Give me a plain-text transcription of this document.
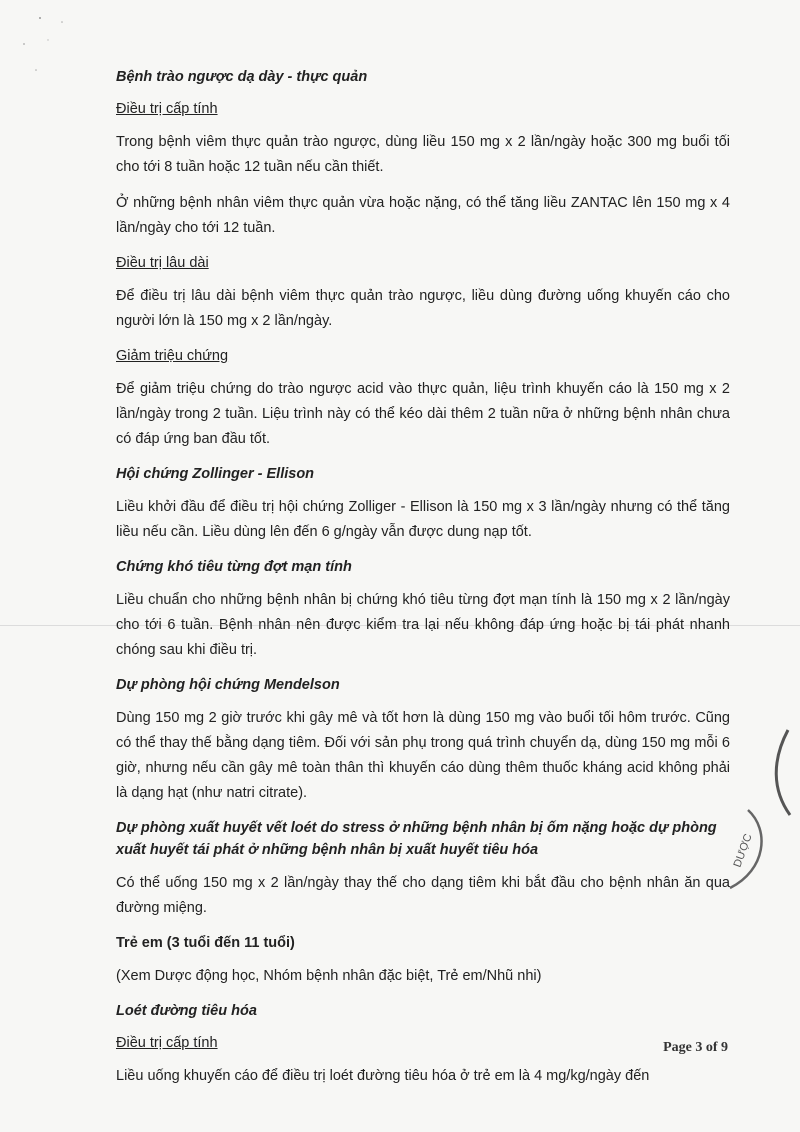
Bệnh trào ngược dạ dày - thực quản
Điều trị cấp tính
Trong bệnh viêm thực quản trào ngược, dùng liều 150 mg x 2 lần/ngày hoặc 300 mg buổi tối cho tới 8 tuần hoặc 12 tuần nếu cần thiết.
Ở những bệnh nhân viêm thực quản vừa hoặc nặng, có thể tăng liều ZANTAC lên 150 mg x 4 lần/ngày cho tới 12 tuần.
Điều trị lâu dài
Để điều trị lâu dài bệnh viêm thực quản trào ngược, liều dùng đường uống khuyến cáo cho người lớn là 150 mg x 2 lần/ngày.
Giảm triệu chứng
Để giảm triệu chứng do trào ngược acid vào thực quản, liệu trình khuyến cáo là 150 mg x 2 lần/ngày trong 2 tuần. Liệu trình này có thể kéo dài thêm 2 tuần nữa ở những bệnh nhân chưa có đáp ứng ban đầu tốt.
Hội chứng Zollinger - Ellison
Liều khởi đầu để điều trị hội chứng Zolliger - Ellison là 150 mg x 3 lần/ngày nhưng có thể tăng liều nếu cần. Liều dùng lên đến 6 g/ngày vẫn được dung nạp tốt.
Chứng khó tiêu từng đợt mạn tính
Liều chuẩn cho những bệnh nhân bị chứng khó tiêu từng đợt mạn tính là 150 mg x 2 lần/ngày cho tới 6 tuần. Bệnh nhân nên được kiểm tra lại nếu không đáp ứng hoặc bị tái phát nhanh chóng sau khi điều trị.
Dự phòng hội chứng Mendelson
Dùng 150 mg 2 giờ trước khi gây mê và tốt hơn là dùng 150 mg vào buổi tối hôm trước. Cũng có thể thay thế bằng dạng tiêm. Đối với sản phụ trong quá trình chuyển dạ, dùng 150 mg mỗi 6 giờ, nhưng nếu cần gây mê toàn thân thì khuyến cáo dùng thêm thuốc kháng acid không phải là dạng hạt (như natri citrate).
Dự phòng xuất huyết vết loét do stress ở những bệnh nhân bị ốm nặng hoặc dự phòng xuất huyết tái phát ở những bệnh nhân bị xuất huyết tiêu hóa
Có thể uống 150 mg x 2 lần/ngày thay thế cho dạng tiêm khi bắt đầu cho bệnh nhân ăn qua đường miệng.
Trẻ em (3 tuổi đến 11 tuổi)
(Xem Dược động học, Nhóm bệnh nhân đặc biệt, Trẻ em/Nhũ nhi)
Loét đường tiêu hóa
Điều trị cấp tính
Liều uống khuyến cáo để điều trị loét đường tiêu hóa ở trẻ em là 4 mg/kg/ngày đến
DƯỢC
Page 3 of 9
